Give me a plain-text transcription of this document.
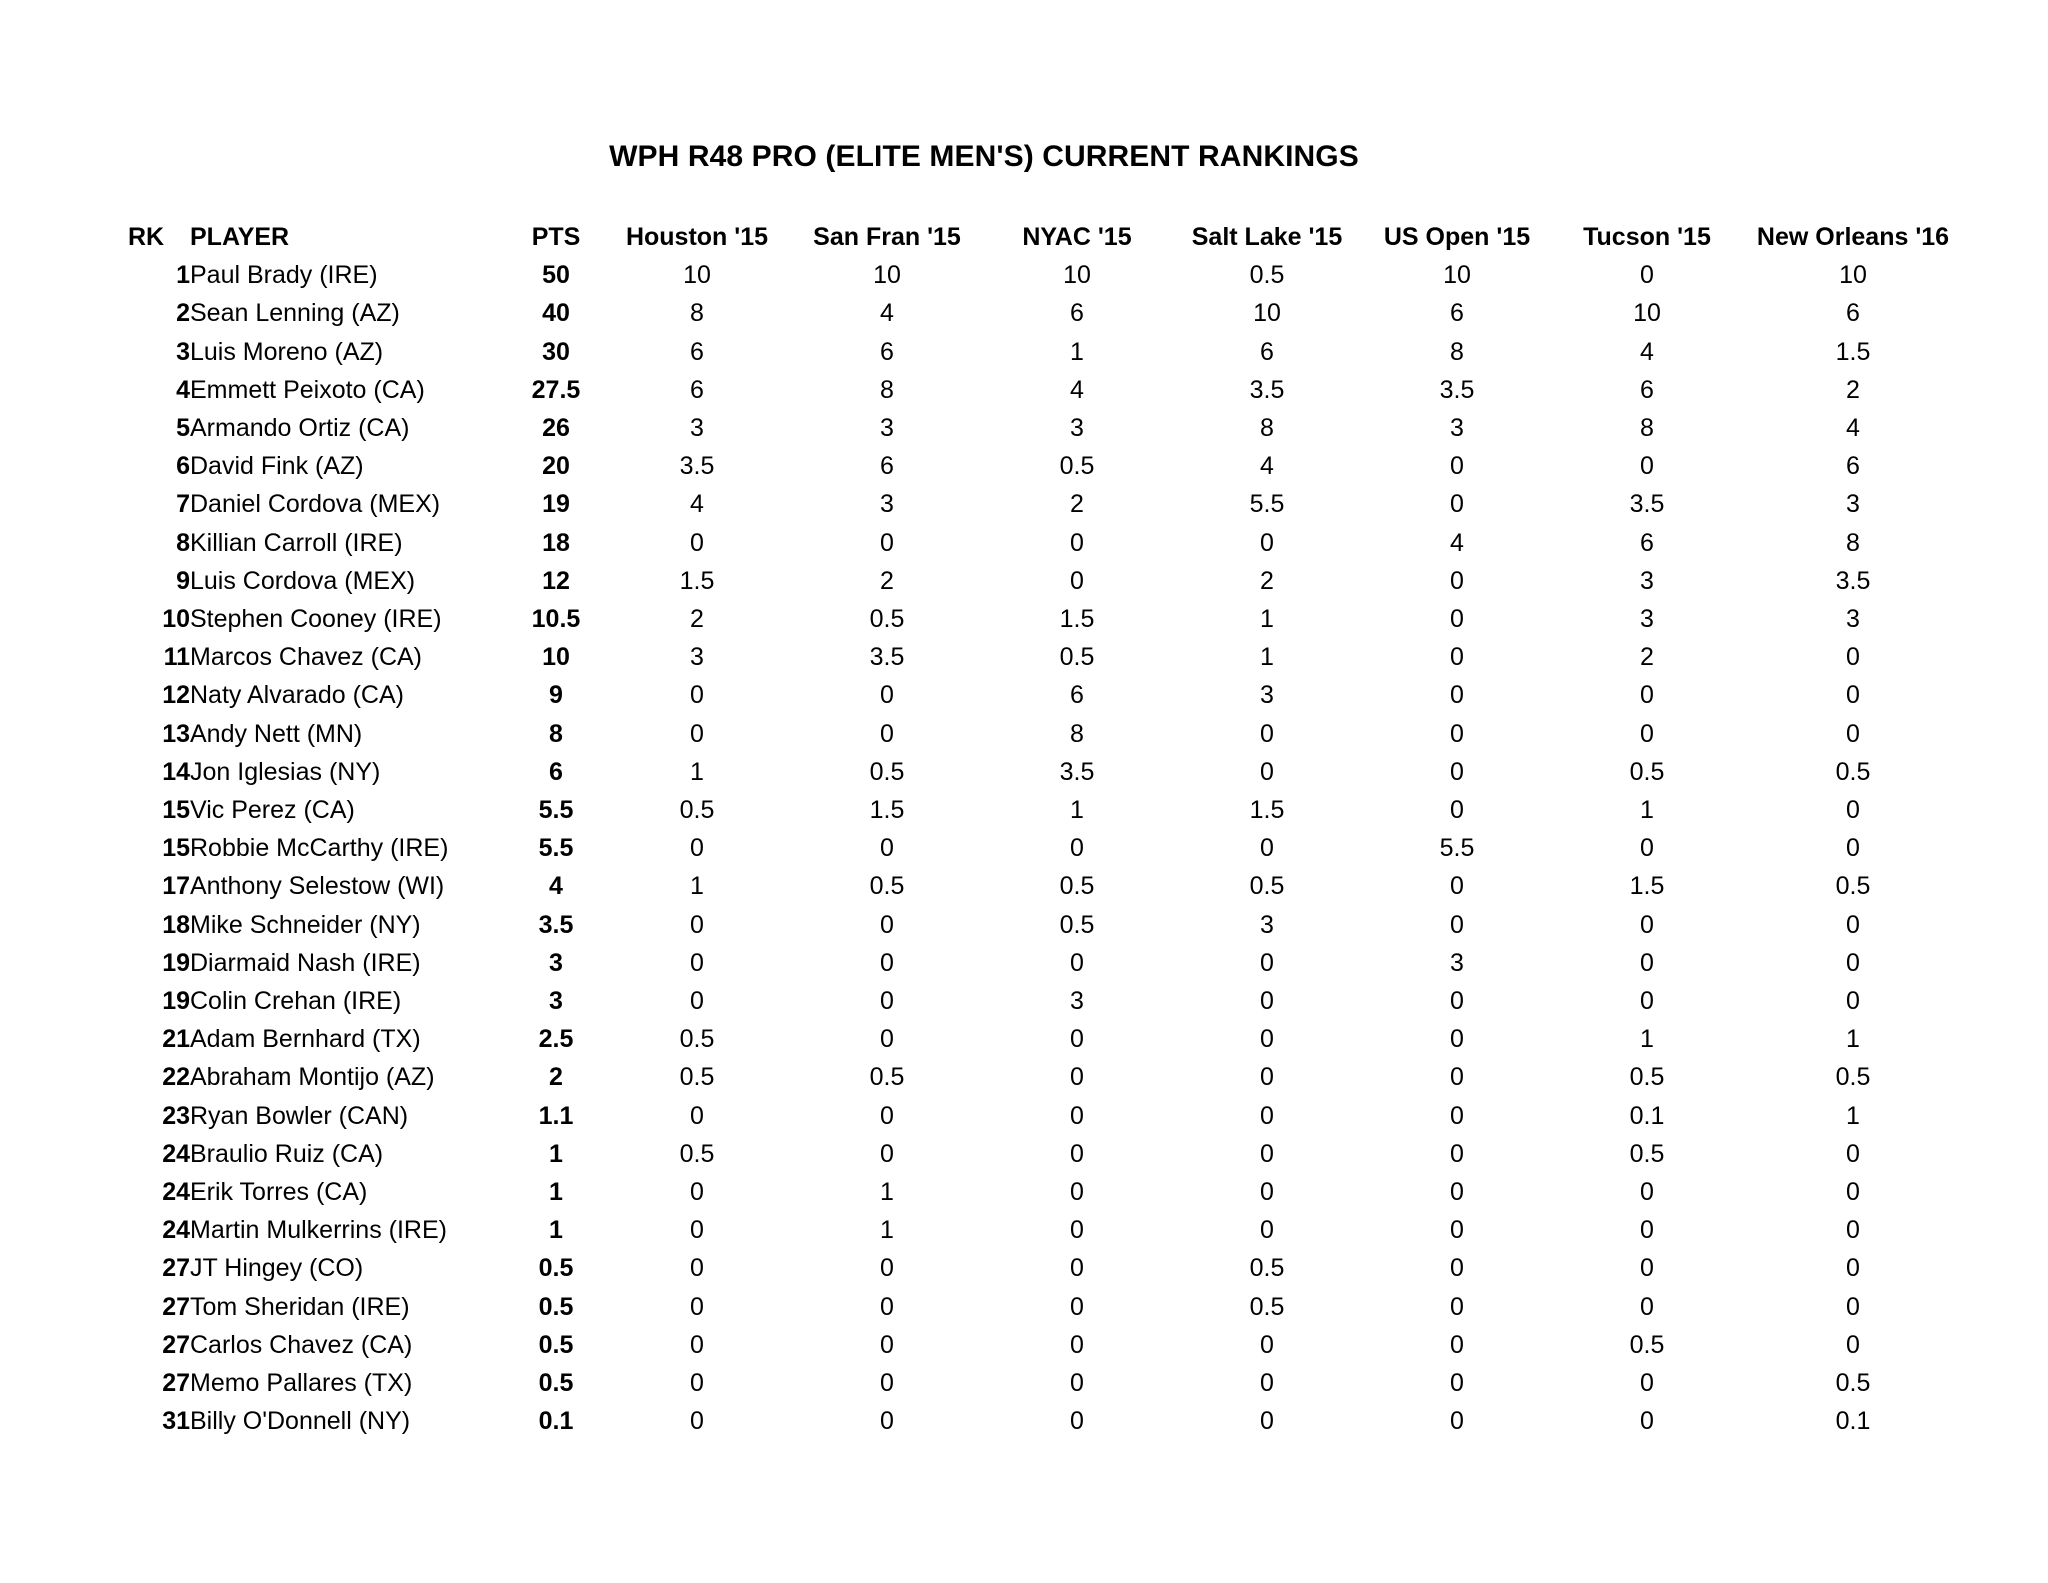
WPH R48 PRO (ELITE MEN'S) CURRENT RANKINGS
RK	PLAYER	PTS	Houston '15	San Fran '15	NYAC '15	Salt Lake '15	US Open '15	Tucson '15	New Orleans '16
1	Paul Brady (IRE)	50	10	10	10	0.5	10	0	10
2	Sean Lenning (AZ)	40	8	4	6	10	6	10	6
3	Luis Moreno (AZ)	30	6	6	1	6	8	4	1.5
4	Emmett Peixoto (CA)	27.5	6	8	4	3.5	3.5	6	2
5	Armando Ortiz (CA)	26	3	3	3	8	3	8	4
6	David Fink (AZ)	20	3.5	6	0.5	4	0	0	6
7	Daniel Cordova (MEX)	19	4	3	2	5.5	0	3.5	3
8	Killian Carroll (IRE)	18	0	0	0	0	4	6	8
9	Luis Cordova (MEX)	12	1.5	2	0	2	0	3	3.5
10	Stephen Cooney (IRE)	10.5	2	0.5	1.5	1	0	3	3
11	Marcos Chavez (CA)	10	3	3.5	0.5	1	0	2	0
12	Naty Alvarado (CA)	9	0	0	6	3	0	0	0
13	Andy Nett (MN)	8	0	0	8	0	0	0	0
14	Jon Iglesias (NY)	6	1	0.5	3.5	0	0	0.5	0.5
15	Vic Perez (CA)	5.5	0.5	1.5	1	1.5	0	1	0
15	Robbie McCarthy (IRE)	5.5	0	0	0	0	5.5	0	0
17	Anthony Selestow (WI)	4	1	0.5	0.5	0.5	0	1.5	0.5
18	Mike Schneider (NY)	3.5	0	0	0.5	3	0	0	0
19	Diarmaid Nash (IRE)	3	0	0	0	0	3	0	0
19	Colin Crehan (IRE)	3	0	0	3	0	0	0	0
21	Adam Bernhard (TX)	2.5	0.5	0	0	0	0	1	1
22	Abraham Montijo (AZ)	2	0.5	0.5	0	0	0	0.5	0.5
23	Ryan Bowler (CAN)	1.1	0	0	0	0	0	0.1	1
24	Braulio Ruiz (CA)	1	0.5	0	0	0	0	0.5	0
24	Erik Torres (CA)	1	0	1	0	0	0	0	0
24	Martin Mulkerrins (IRE)	1	0	1	0	0	0	0	0
27	JT Hingey (CO)	0.5	0	0	0	0.5	0	0	0
27	Tom Sheridan (IRE)	0.5	0	0	0	0.5	0	0	0
27	Carlos Chavez (CA)	0.5	0	0	0	0	0	0.5	0
27	Memo Pallares (TX)	0.5	0	0	0	0	0	0	0.5
31	Billy O'Donnell (NY)	0.1	0	0	0	0	0	0	0.1
